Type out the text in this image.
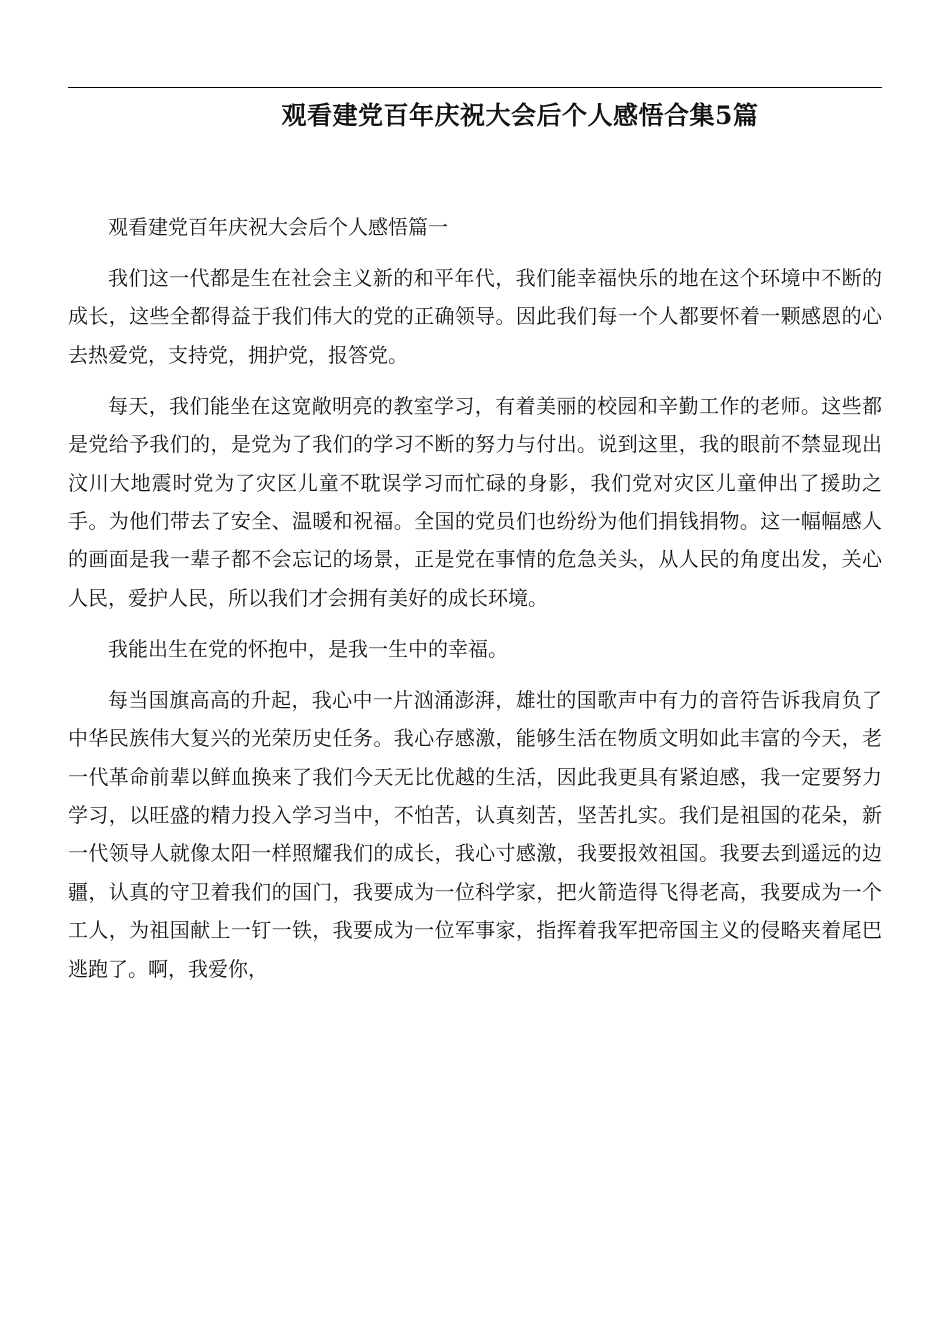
观看建党百年庆祝大会后个人感悟合集5篇

观看建党百年庆祝大会后个人感悟篇一

我们这一代都是生在社会主义新的和平年代，我们能幸福快乐的地在这个环境中不断的成长，这些全都得益于我们伟大的党的正确领导。因此我们每一个人都要怀着一颗感恩的心去热爱党，支持党，拥护党，报答党。

每天，我们能坐在这宽敞明亮的教室学习，有着美丽的校园和辛勤工作的老师。这些都是党给予我们的，是党为了我们的学习不断的努力与付出。说到这里，我的眼前不禁显现出汶川大地震时党为了灾区儿童不耽误学习而忙碌的身影，我们党对灾区儿童伸出了援助之手。为他们带去了安全、温暖和祝福。全国的党员们也纷纷为他们捐钱捐物。这一幅幅感人的画面是我一辈子都不会忘记的场景，正是党在事情的危急关头，从人民的角度出发，关心人民，爱护人民，所以我们才会拥有美好的成长环境。

我能出生在党的怀抱中，是我一生中的幸福。

每当国旗高高的升起，我心中一片汹涌澎湃，雄壮的国歌声中有力的音符告诉我肩负了中华民族伟大复兴的光荣历史任务。我心存感激，能够生活在物质文明如此丰富的今天，老一代革命前辈以鲜血换来了我们今天无比优越的生活，因此我更具有紧迫感，我一定要努力学习，以旺盛的精力投入学习当中，不怕苦，认真刻苦，坚苦扎实。我们是祖国的花朵，新一代领导人就像太阳一样照耀我们的成长，我心寸感激，我要报效祖国。我要去到遥远的边疆，认真的守卫着我们的国门，我要成为一位科学家，把火箭造得飞得老高，我要成为一个工人，为祖国献上一钉一铁，我要成为一位军事家，指挥着我军把帝国主义的侵略夹着尾巴逃跑了。啊，我爱你，
